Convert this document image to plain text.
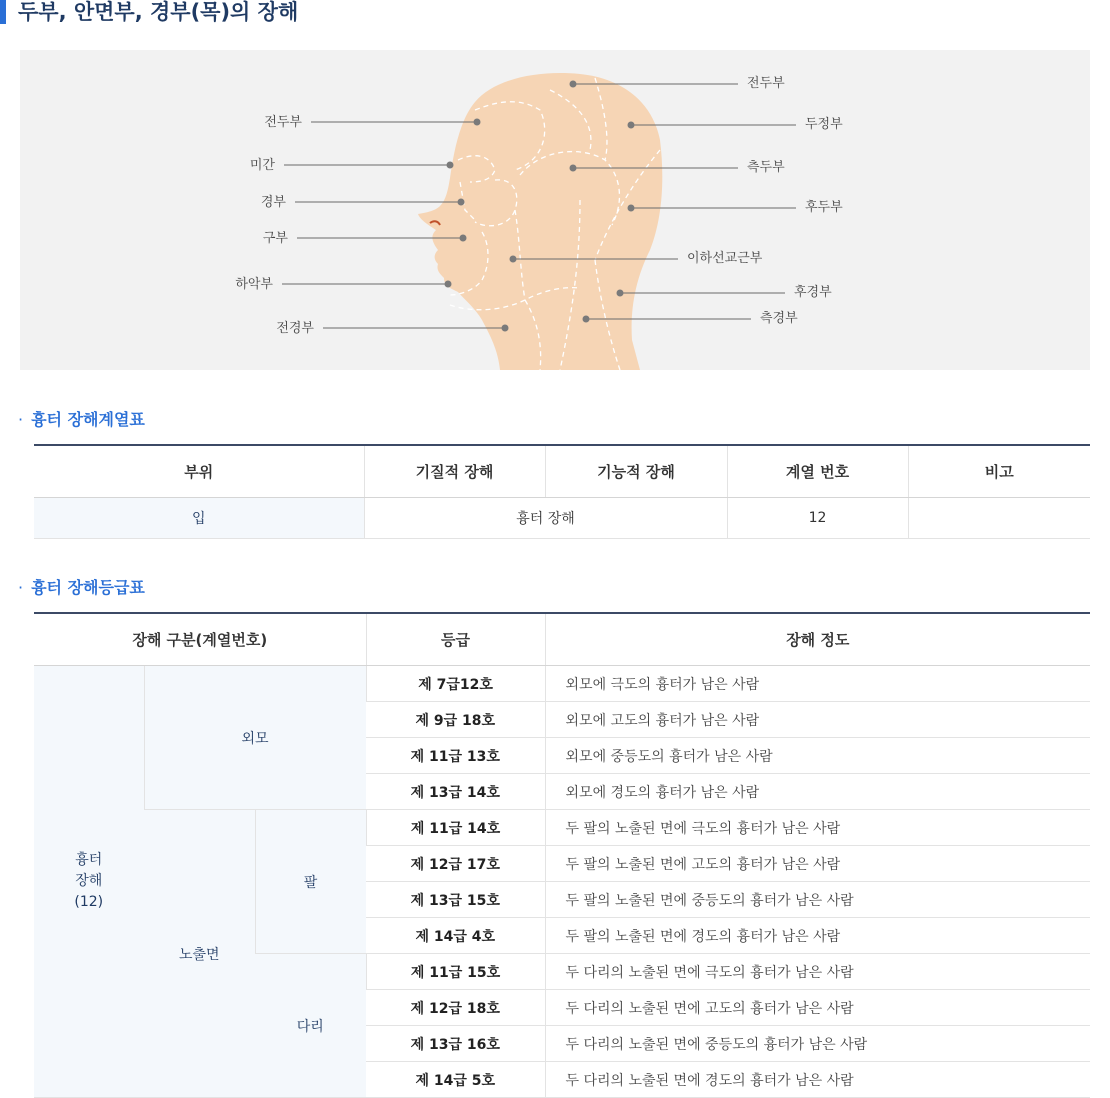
두부, 안면부, 경부(목)의 장해
전두부
미간
경부
구부
하악부
전경부
전두부
두정부
측두부
후두부
이하선교근부
후경부
측경부
· 흉터 장해계열표
부위	기질적 장해	기능적 장해	계열 번호	비고
입	흉터 장해		12	
· 흉터 장해등급표
장해 구분(계열번호)			등급	장해 정도
흉터
장해
(12)	외모		제 7급12호	외모에 극도의 흉터가 남은 사람
			제 9급 18호	외모에 고도의 흉터가 남은 사람
			제 11급 13호	외모에 중등도의 흉터가 남은 사람
			제 13급 14호	외모에 경도의 흉터가 남은 사람
	노출면	팔	제 11급 14호	두 팔의 노출된 면에 극도의 흉터가 남은 사람
			제 12급 17호	두 팔의 노출된 면에 고도의 흉터가 남은 사람
			제 13급 15호	두 팔의 노출된 면에 중등도의 흉터가 남은 사람
			제 14급 4호	두 팔의 노출된 면에 경도의 흉터가 남은 사람
		다리	제 11급 15호	두 다리의 노출된 면에 극도의 흉터가 남은 사람
			제 12급 18호	두 다리의 노출된 면에 고도의 흉터가 남은 사람
			제 13급 16호	두 다리의 노출된 면에 중등도의 흉터가 남은 사람
			제 14급 5호	두 다리의 노출된 면에 경도의 흉터가 남은 사람
